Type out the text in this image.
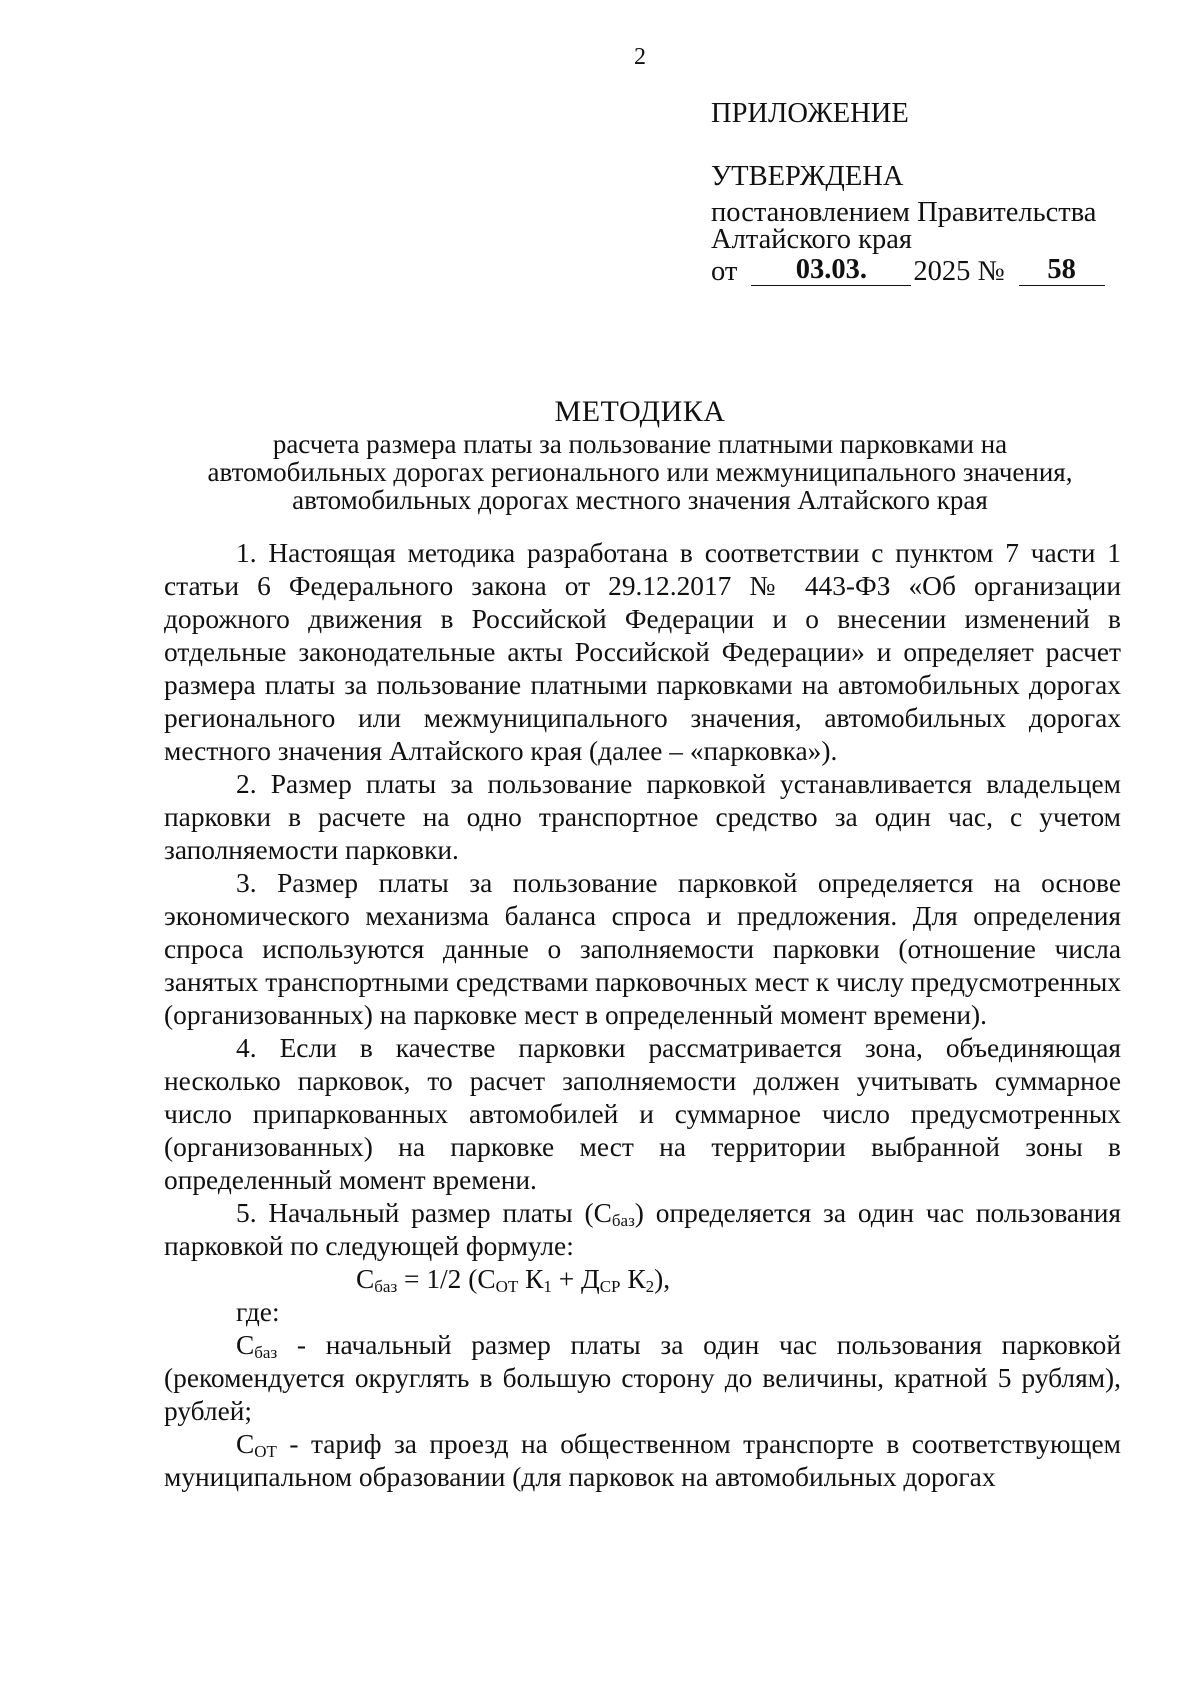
2
ПРИЛОЖЕНИЕ
УТВЕРЖДЕНА
постановлением Правительства
Алтайского края
от	03.03.	2025 №	58
МЕТОДИКА
расчета размера платы за пользование платными парковками на
автомобильных дорогах регионального или межмуниципального значения,
автомобильных дорогах местного значения Алтайского края

1. Настоящая методика разработана в соответствии с пунктом 7 части 1 статьи 6 Федерального закона от 29.12.2017 № 443-ФЗ «Об организации дорожного движения в Российской Федерации и о внесении изменений в отдельные законодательные акты Российской Федерации» и определяет расчет размера платы за пользование платными парковками на автомобильных дорогах регионального или межмуниципального значения, автомобильных дорогах местного значения Алтайского края (далее – «парковка»).

2. Размер платы за пользование парковкой устанавливается владельцем парковки в расчете на одно транспортное средство за один час, с учетом заполняемости парковки.

3. Размер платы за пользование парковкой определяется на основе экономического механизма баланса спроса и предложения. Для определения спроса используются данные о заполняемости парковки (отношение числа занятых транспортными средствами парковочных мест к числу предусмотренных (организованных) на парковке мест в определенный момент времени).

4. Если в качестве парковки рассматривается зона, объединяющая несколько парковок, то расчет заполняемости должен учитывать суммарное число припаркованных автомобилей и суммарное число предусмотренных (организованных) на парковке мест на территории выбранной зоны в определенный момент времени.

5. Начальный размер платы $(С_{баз})$ определяется за один час пользования парковкой по следующей формуле:

$С_{баз} = 1/2$ ($С_{ОТ}$ $К_1 + Д_{СР}$ $К_2$),

где:

$С_{баз}$ - начальный размер платы за один час пользования парковкой (рекомендуется округлять в большую сторону до величины, кратной 5 рублям), рублей;

$С_{ОТ}$ - тариф за проезд на общественном транспорте в соответствующем муниципальном образовании (для парковок на автомобильных дорогах
